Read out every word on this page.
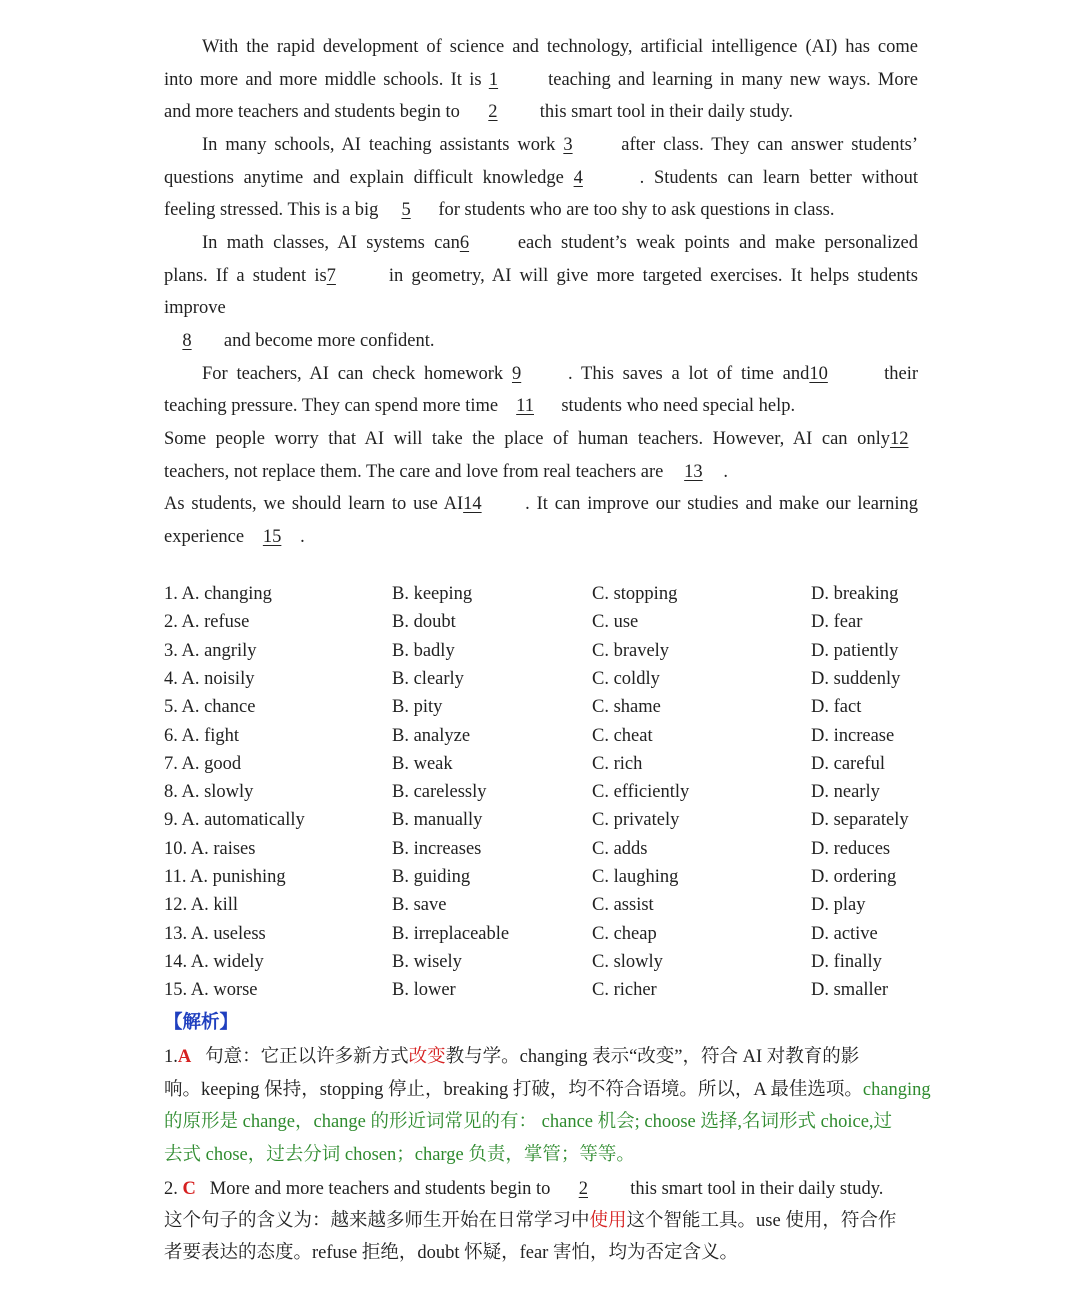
With the rapid development of science and technology, artificial intelligence (AI) has come
into more and more middle schools. It is 1	teaching and learning in many new ways. More
and more teachers and students begin to 2 this smart tool in their daily study.
In many schools, AI teaching assistants work 3	after class. They can answer students’
questions anytime and explain difficult knowledge 4	. Students can learn better without
feeling stressed. This is a big 5 for students who are too shy to ask questions in class.
In math classes, AI systems can6	each student’s weak points and make personalized
plans. If a student is7	in geometry, AI will give more targeted exercises. It helps students
improve
8 and become more confident.
For teachers, AI can check homework 9	. This saves a lot of time and10	their
teaching pressure. They can spend more time 11 students who need special help.
Some people worry that AI will take the place of human teachers. However, AI can only12
teachers, not replace them. The care and love from real teachers are 13 .
As students, we should learn to use AI14 . It can improve our studies and make our learning
experience 15 .
1. A. changing	B. keeping	C. stopping	D. breaking
2. A. refuse	B. doubt	C. use	D. fear
3. A. angrily	B. badly	C. bravely	D. patiently
4. A. noisily	B. clearly	C. coldly	D. suddenly
5. A. chance	B. pity	C. shame	D. fact
6. A. fight	B. analyze	C. cheat	D. increase
7. A. good	B. weak	C. rich	D. careful
8. A. slowly	B. carelessly	C. efficiently	D. nearly
9. A. automatically	B. manually	C. privately	D. separately
10. A. raises	B. increases	C. adds	D. reduces
11. A. punishing	B. guiding	C. laughing	D. ordering
12. A. kill	B. save	C. assist	D. play
13. A. useless	B. irreplaceable	C. cheap	D. active
14. A. widely	B. wisely	C. slowly	D. finally
15. A. worse	B. lower	C. richer	D. smaller
【解析】
1.A 句意：它正以许多新方式改变教与学。changing 表示“改变”，符合 AI 对教育的影
响。keeping 保持，stopping 停止，breaking 打破，均不符合语境。所以，A 最佳选项。changing
的原形是 change，change 的形近词常见的有： chance 机会; choose 选择,名词形式 choice,过
去式 chose，过去分词 chosen；charge 负责，掌管；等等。
2. C More and more teachers and students begin to 2 this smart tool in their daily study.
这个句子的含义为：越来越多师生开始在日常学习中使用这个智能工具。use 使用，符合作
者要表达的态度。refuse 拒绝，doubt 怀疑，fear 害怕，均为否定含义。
